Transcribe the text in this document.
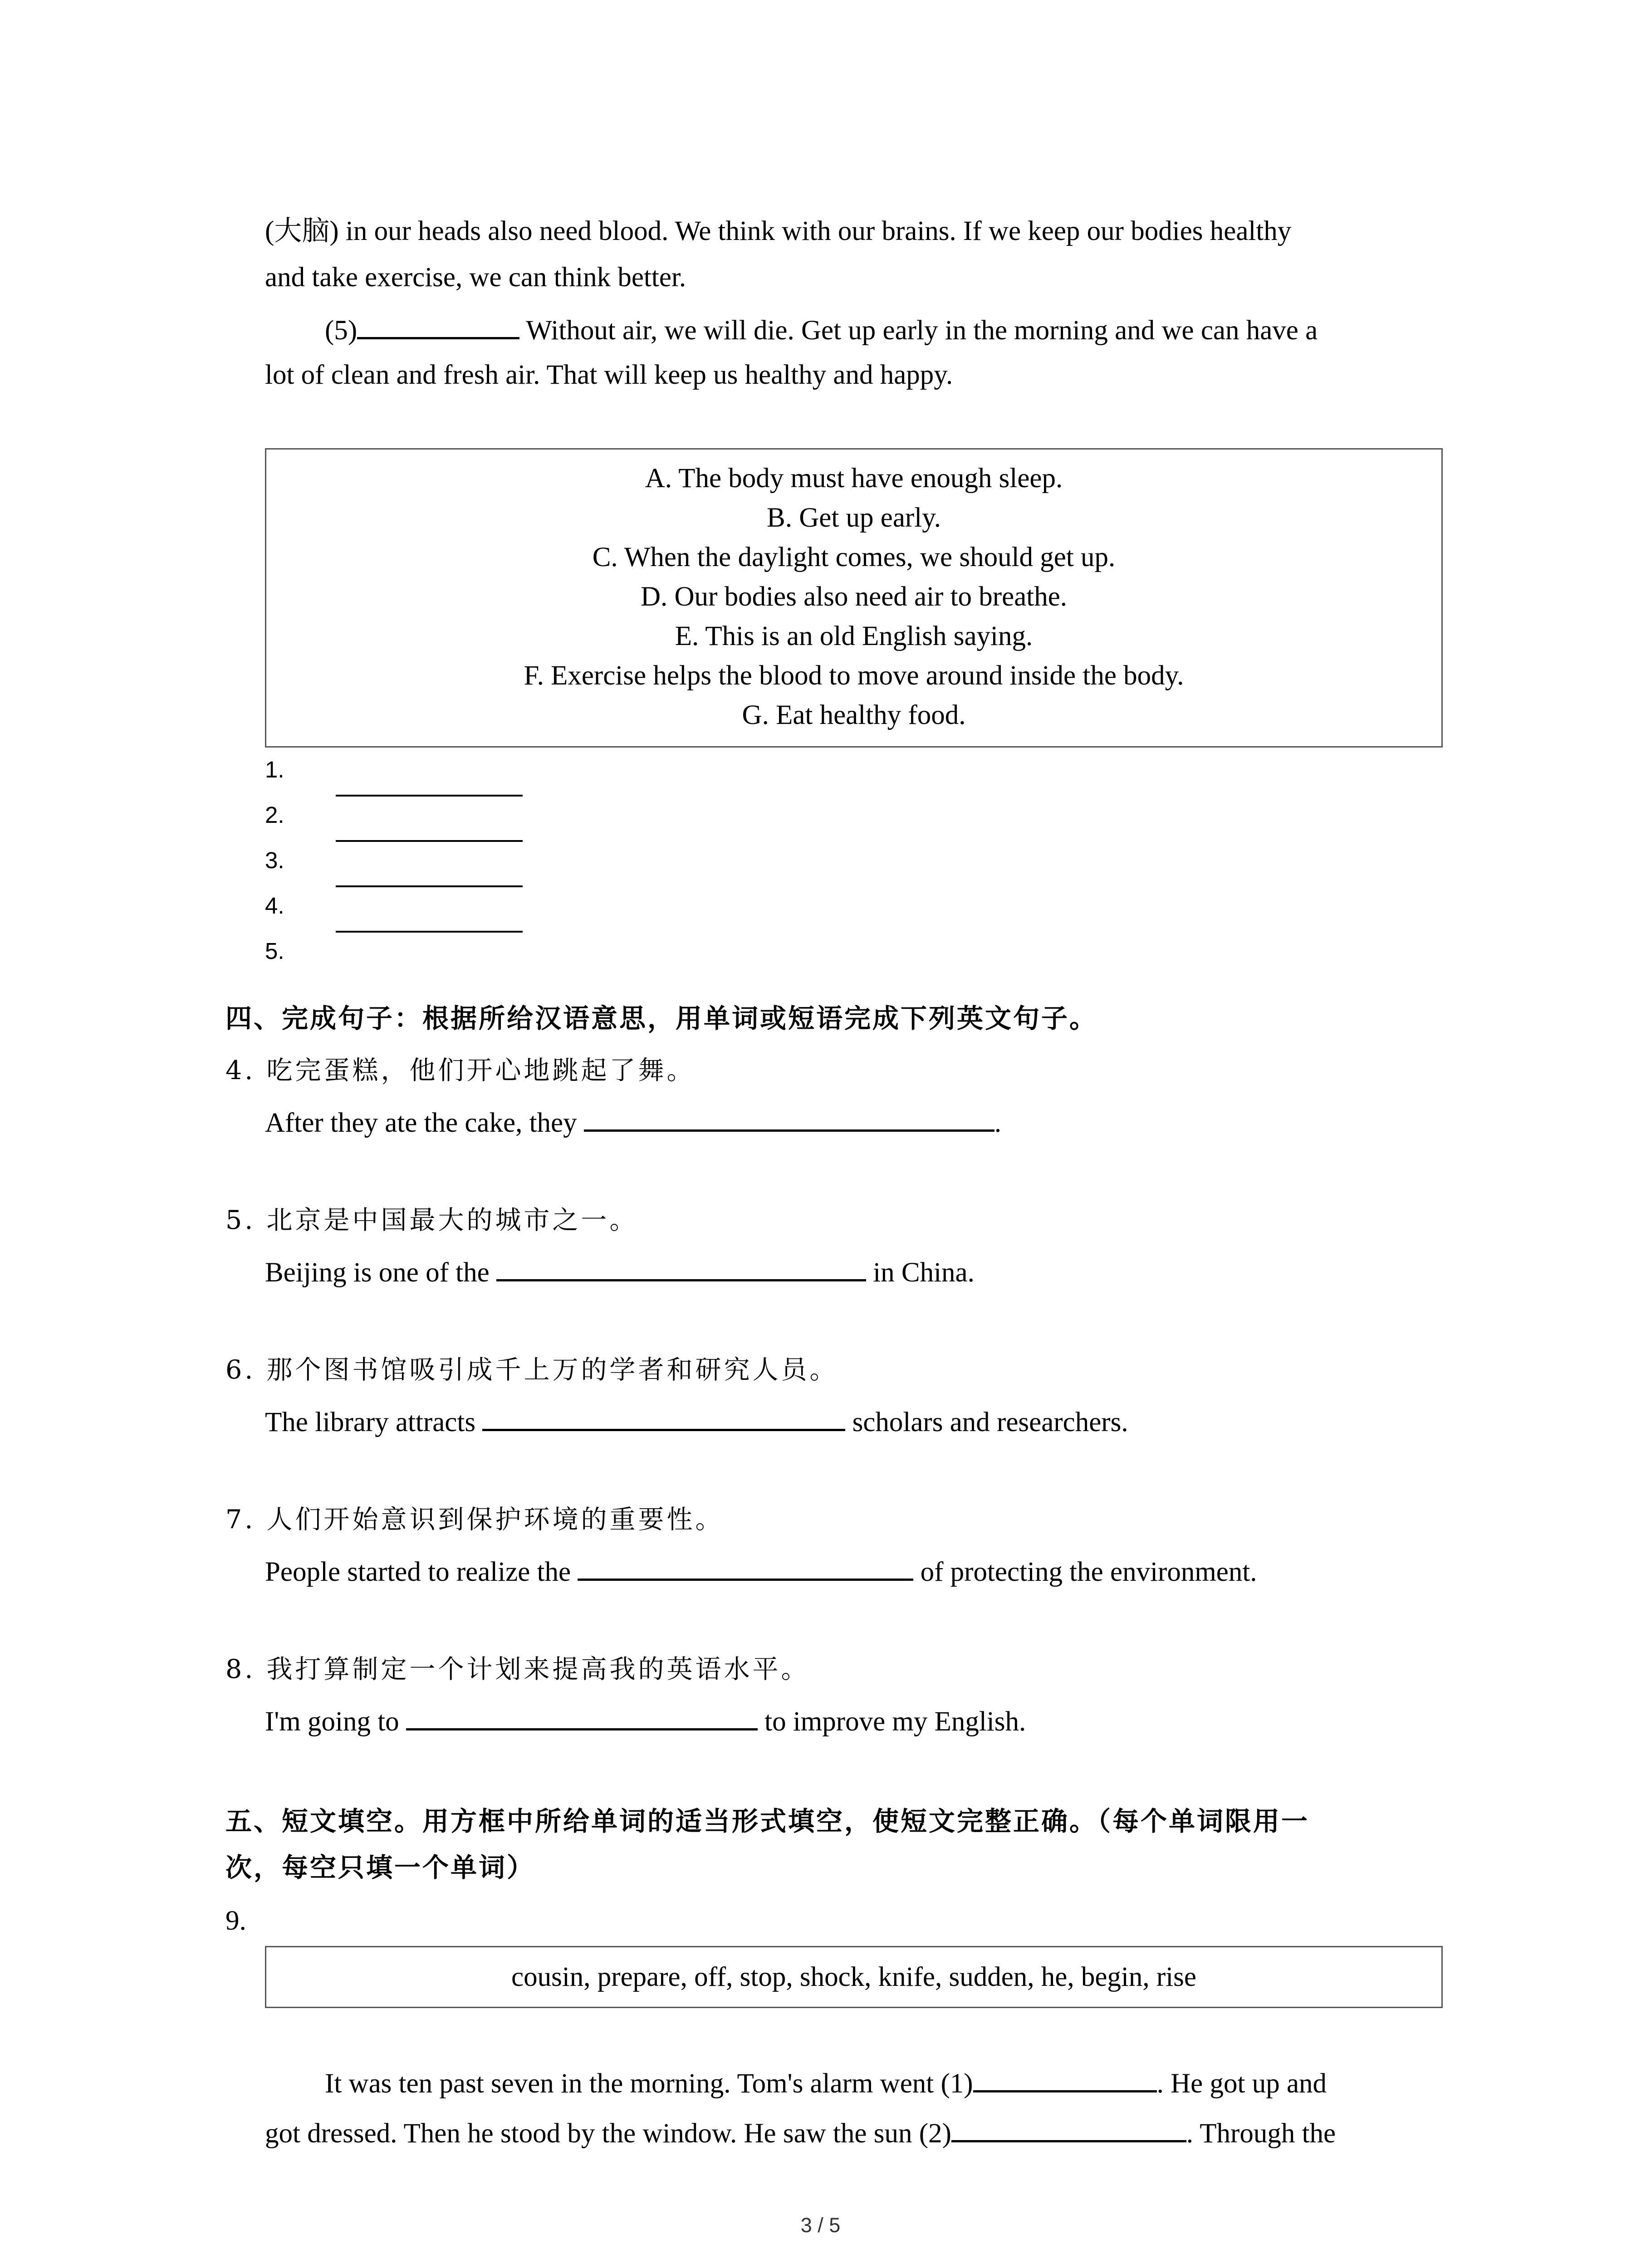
(大脑) in our heads also need blood. We think with our brains. If we keep our bodies healthy
and take exercise, we can think better.
(5)	Without air, we will die. Get up early in the morning and we can have a
lot of clean and fresh air. That will keep us healthy and happy.
A. The body must have enough sleep.
B. Get up early.
C. When the daylight comes, we should get up.
D. Our bodies also need air to breathe.
E. This is an old English saying.
F. Exercise helps the blood to move around inside the body.
G. Eat healthy food.
1.
2.
3.
4.
5.
四、完成句子：根据所给汉语意思，用单词或短语完成下列英文句子。
4. 吃完蛋糕，他们开心地跳起了舞。
After they ate the cake, they	.
5. 北京是中国最大的城市之一。
Beijing is one of the	in China.
6. 那个图书馆吸引成千上万的学者和研究人员。
The library attracts	scholars and researchers.
7. 人们开始意识到保护环境的重要性。
People started to realize the	of protecting the environment.
8. 我打算制定一个计划来提高我的英语水平。
I'm going to	to improve my English.
五、短文填空。用方框中所给单词的适当形式填空，使短文完整正确。（每个单词限用一
次，每空只填一个单词）
9.
cousin, prepare, off, stop, shock, knife, sudden, he, begin, rise
It was ten past seven in the morning. Tom's alarm went (1)	. He got up and
got dressed. Then he stood by the window. He saw the sun (2)	. Through the
3 / 5
